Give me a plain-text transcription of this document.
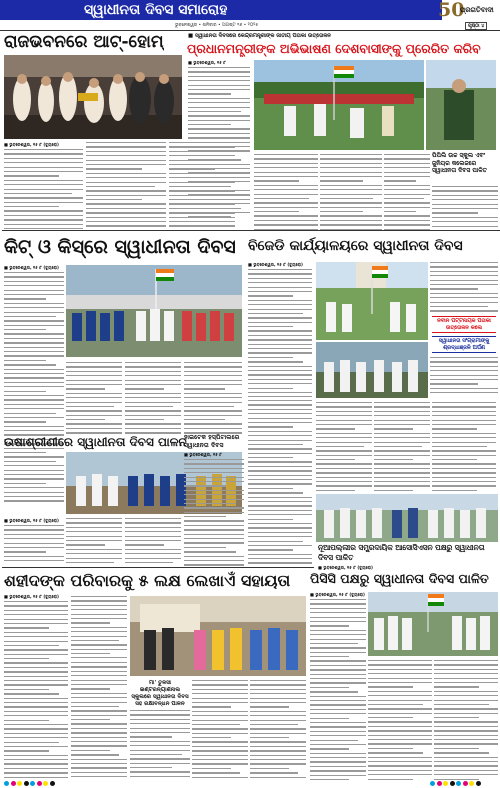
ସ୍ୱାଧୀନତା ଦିବସ ସମାରୋହ	50
ପ୍ରଗତିବାଦୀ
ଭୁବନେଶ୍ୱର • ଶନିବାର • ଅଗଷ୍ଟ ୧୬ • ୨୦୨୫	ପୃଷ୍ଠା ୪
ରାଜଭବନରେ ଆଟ୍‌-ହୋମ୍
■ ଭୁବନେଶ୍ୱର, ୧୫।୮ (ବ୍ୟୁରୋ)
■ ସ୍ୱାଧୀନତା ଦିବସରେ କେନ୍ଦ୍ରମନ୍ତ୍ରୀଙ୍କ ଜାତୀୟ ପତାକା ଉତ୍ତୋଳନ
ପ୍ରଧାନମନ୍ତ୍ରୀଙ୍କ ଅଭିଭାଷଣ ଦେଶବାସୀଙ୍କୁ ପ୍ରେରିତ କରିବ
■ ଭୁବନେଶ୍ୱର, ୧୫।୮
ପିପିଲି ଉଚ୍ଚ ସ୍କୁଲ ଏବଂ ଜୁନିୟର କଲେଜରେ ସ୍ୱାଧୀନତା ଦିବସ ପାଳିତ
କିଟ୍ ଓ କିସ୍‌ରେ ସ୍ୱାଧୀନତା ଦିବସ
■ ଭୁବନେଶ୍ୱର, ୧୫।୮ (ବ୍ୟୁରୋ)
ବିଜେଡି କାର୍ଯ୍ୟାଳୟରେ ସ୍ୱାଧୀନତା ଦିବସ
■ ଭୁବନେଶ୍ୱର, ୧୫।୮ (ବ୍ୟୁରୋ)
ନବୀନ ପଟ୍ଟନାୟକ ପତାକା ଉତ୍ତୋଳନ କଲେ
ସ୍ୱାଧୀନତା ସଂଗ୍ରାମୀଙ୍କୁ ଶ୍ରଦ୍ଧାଞ୍ଜଳି ଅର୍ପଣ
ଉଷାଶ୍ରୀଣୀରେ ସ୍ୱାଧୀନତା ଦିବସ ପାଳନ
■ ଭୁବନେଶ୍ୱର, ୧୫।୮ (ବ୍ୟୁରୋ)
ହାଇଟେକ ହସ୍ପିଟାଲରେ ସ୍ୱାଧୀନତା ଦିବସ
■ ଭୁବନେଶ୍ୱର, ୧୫।୮
ନୂଆପଲ୍ଲୀର ସମ୍ପ୍ରଦାୟିକ ଆସୋସିଏସନ ପକ୍ଷରୁ ସ୍ୱାଧୀନତା ଦିବସ ପାଳିତ
■ ଭୁବନେଶ୍ୱର, ୧୫।୮ (ବ୍ୟୁରୋ)
ଶହୀଦଙ୍କ ପରିବାରକୁ ୫ ଲକ୍ଷ ଲେଖାଏଁ ସହାୟତା
■ ଭୁବନେଶ୍ୱର, ୧୫।୮ (ବ୍ୟୁରୋ)
ମା' ତୁଳସୀ ଇଣ୍ଟରନ୍ୟାଶନାଲ ସ୍କୁଲରେ ସ୍ୱାଧୀନତା ଦିବସ ସହ ରକ୍ଷାବନ୍ଧନ ପାଳନ
ପିସିସି ପକ୍ଷରୁ ସ୍ୱାଧୀନତା ଦିବସ ପାଳିତ
■ ଭୁବନେଶ୍ୱର, ୧୫।୮ (ବ୍ୟୁରୋ)
